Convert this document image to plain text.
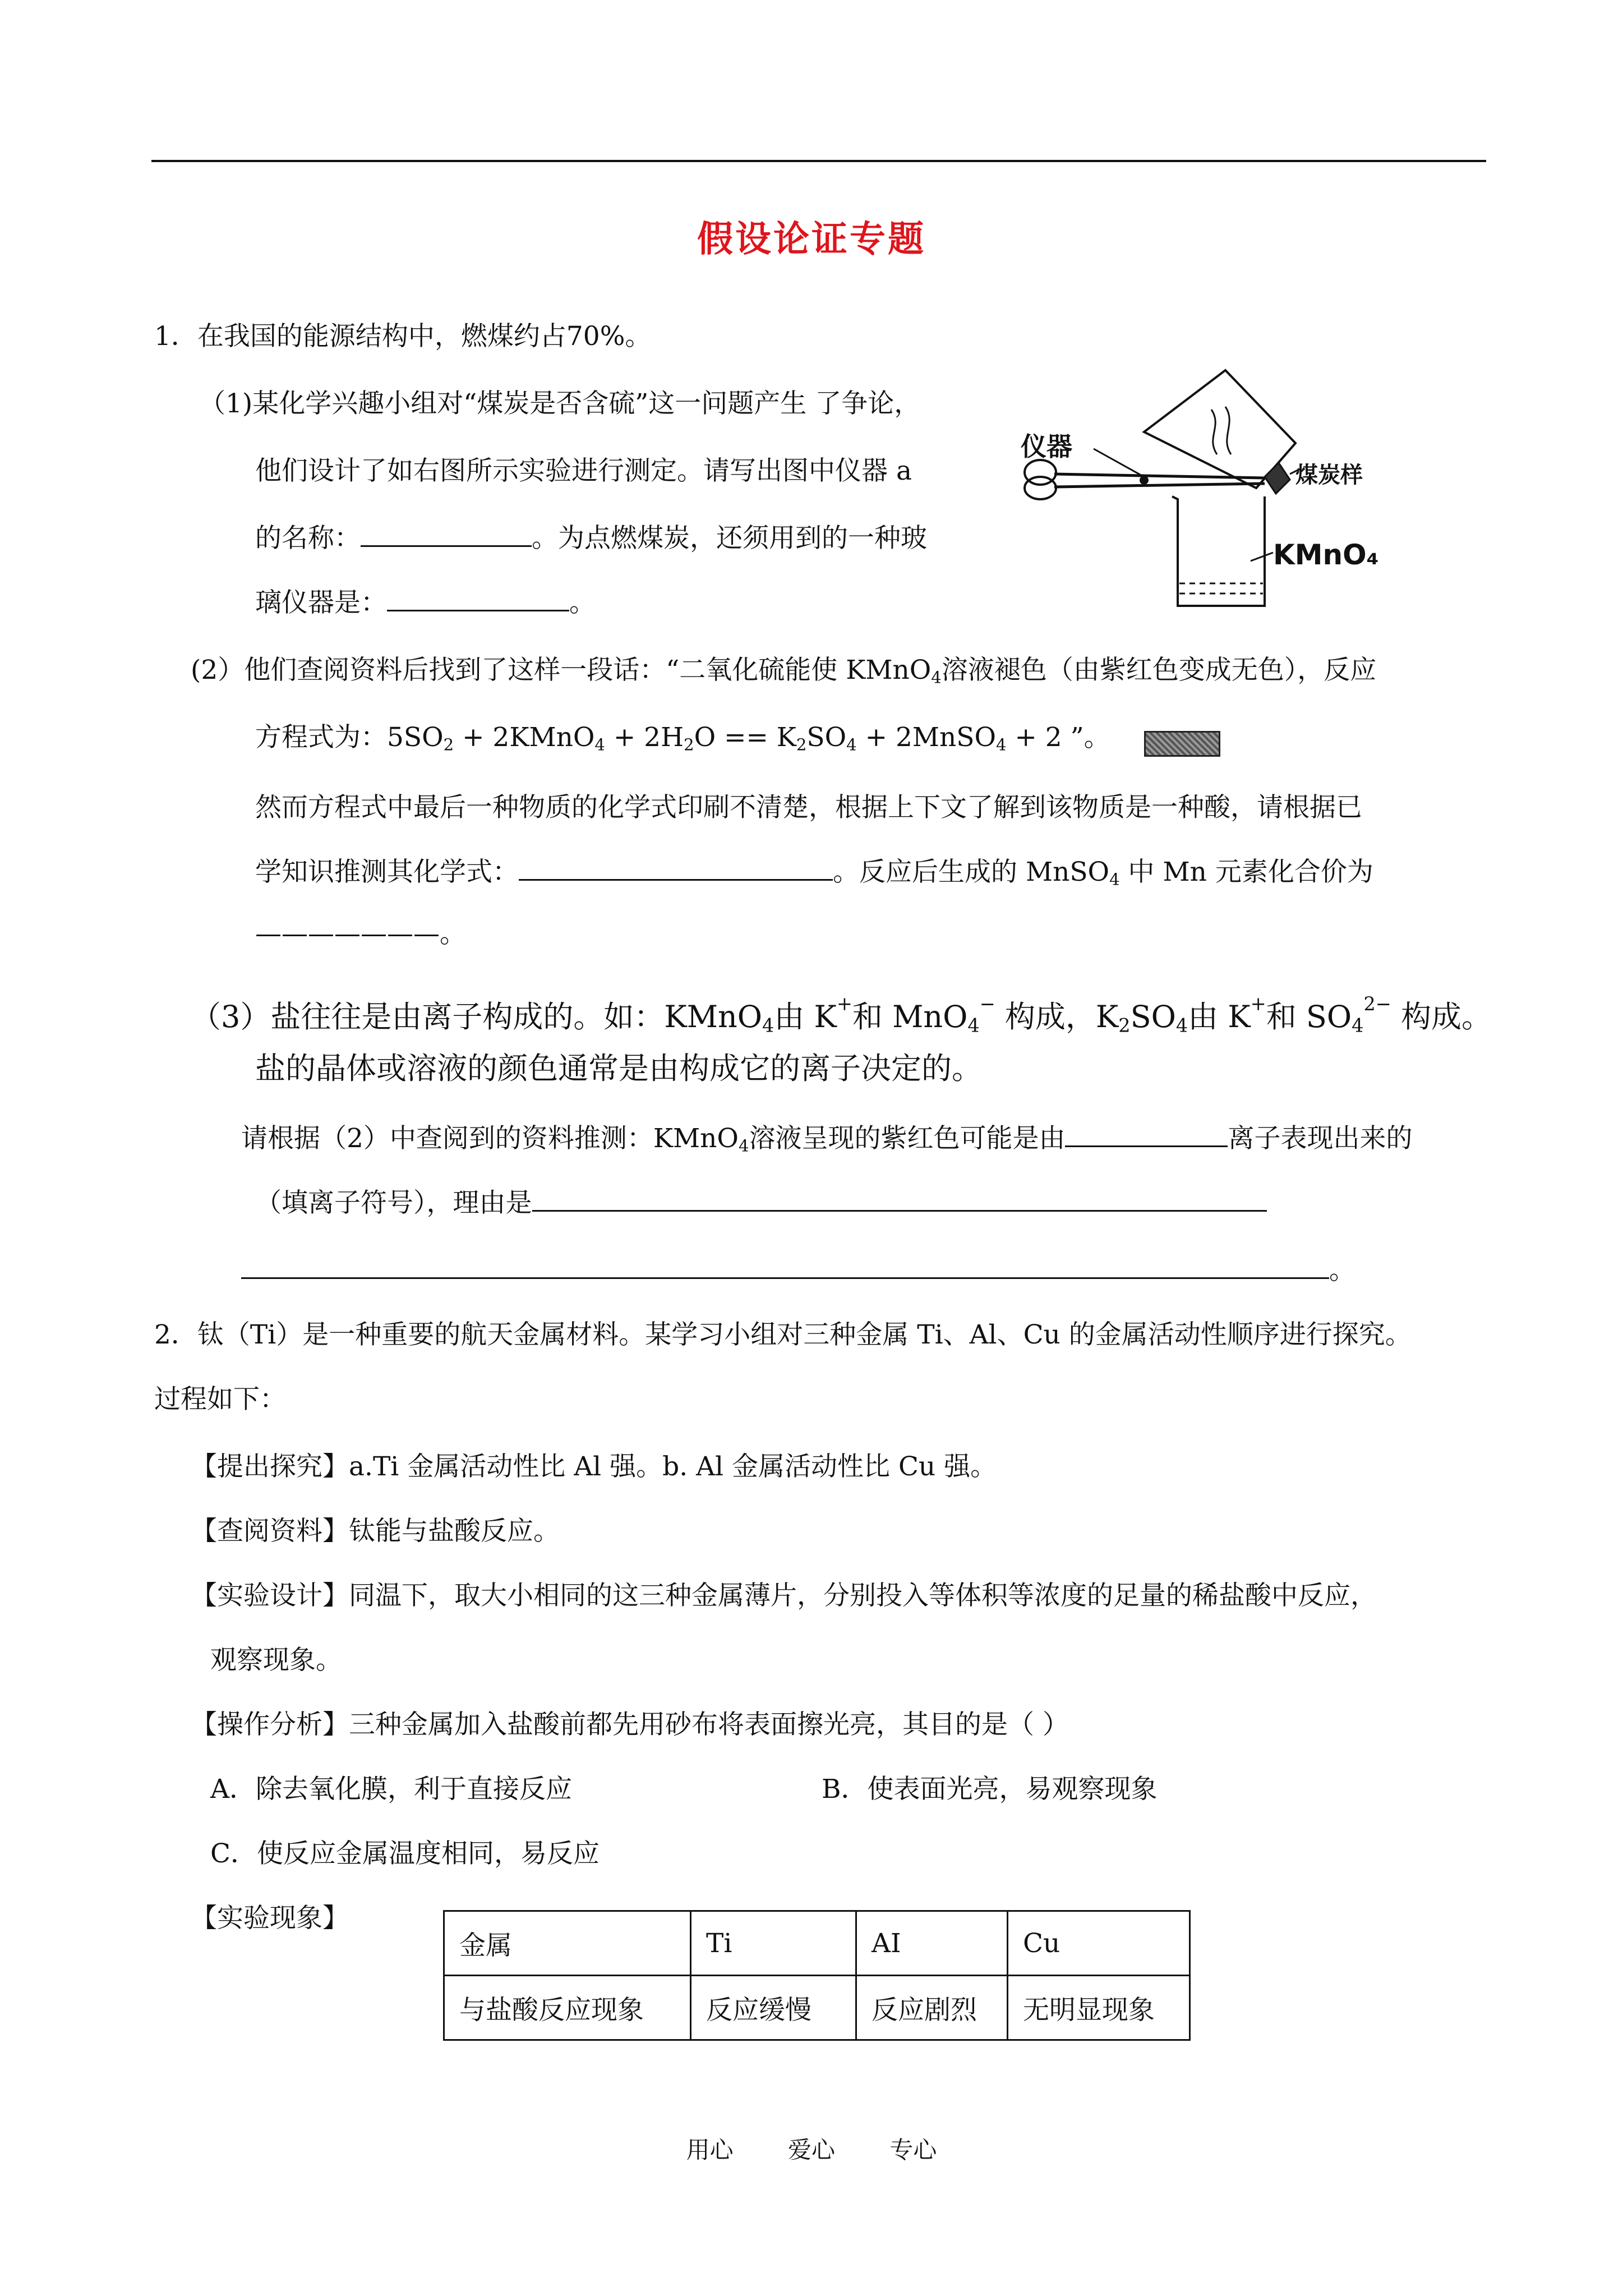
假设论证专题
1．在我国的能源结构中，燃煤约占70%。
（1)某化学兴趣小组对“煤炭是否含硫”这一问题产生 了争论，
他们设计了如右图所示实验进行测定。请写出图中仪器 a
的名称：	。为点燃煤炭，还须用到的一种玻
璃仪器是：	。
仪器
煤炭样
KMnO₄
(2）他们查阅资料后找到了这样一段话：“二氧化硫能使 KMnO$_4$溶液褪色（由紫红色变成无色），反应
方程式为：$5SO_2$ + 2KMnO$_4$ + $2H_2O == K_2SO_4$ + 2MnSO$_4$ + 2 ”。
然而方程式中最后一种物质的化学式印刷不清楚，根据上下文了解到该物质是一种酸，请根据已
学知识推测其化学式：	。反应后生成的 MnSO$_4$ 中 Mn 元素化合价为
———————。
（3）盐往往是由离子构成的。如：KMnO$_4$由 K+和 MnO$_4$− 构成，$K_2SO_4$由 K+和 $SO_4^{2-}$ 构成。
盐的晶体或溶液的颜色通常是由构成它的离子决定的。
请根据（2）中查阅到的资料推测：KMnO$_4$溶液呈现的紫红色可能是由	离子表现出来的
（填离子符号），理由是
。
2．钛（Ti）是一种重要的航天金属材料。某学习小组对三种金属 Ti、Al、Cu 的金属活动性顺序进行探究。
过程如下：
【提出探究】a.Ti 金属活动性比 Al 强。b. Al 金属活动性比 Cu 强。
【查阅资料】钛能与盐酸反应。
【实验设计】同温下，取大小相同的这三种金属薄片，分别投入等体积等浓度的足量的稀盐酸中反应，
观察现象。
【操作分析】三种金属加入盐酸前都先用砂布将表面擦光亮，其目的是（ ）
A．除去氧化膜，利于直接反应	B．使表面光亮，易观察现象
C．使反应金属温度相同，易反应
【实验现象】
金属	Ti	AI	Cu
与盐酸反应现象	反应缓慢	反应剧烈	无明显现象
用心 爱心 专心
